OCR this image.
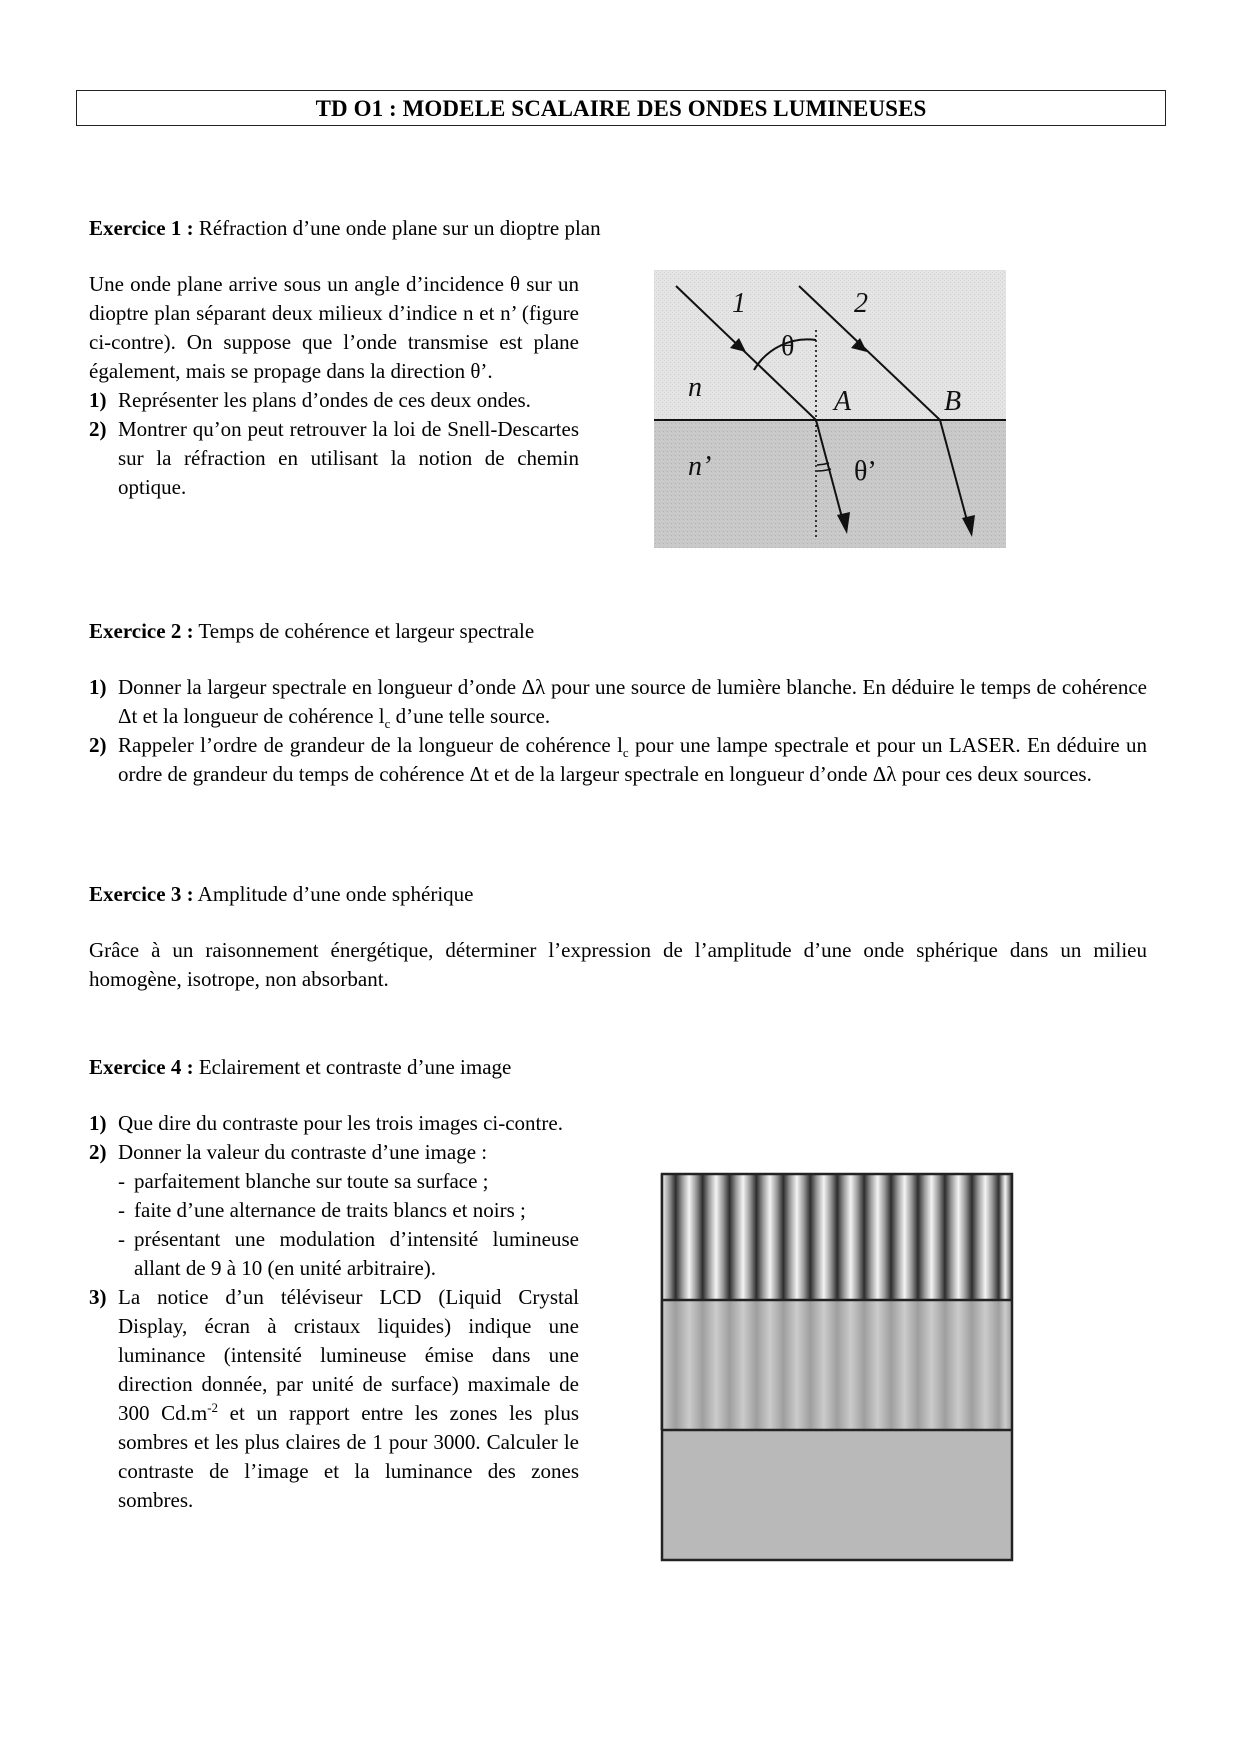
TD O1 : MODELE SCALAIRE DES ONDES LUMINEUSES
Exercice 1 : Réfraction d’une onde plane sur un dioptre plan
Une onde plane arrive sous un angle d’incidence θ sur un dioptre plan séparant deux milieux d’indice n et n’ (figure ci-contre). On suppose que l’onde transmise est plane également, mais se propage dans la direction θ’.
1) Représenter les plans d’ondes de ces deux ondes.
2) Montrer qu’on peut retrouver la loi de Snell-Descartes sur la réfraction en utilisant la notion de chemin optique.
1	2
θ
n	A	B
n’	θ’
Exercice 2 : Temps de cohérence et largeur spectrale
1) Donner la largeur spectrale en longueur d’onde Δλ pour une source de lumière blanche. En déduire le temps de cohérence Δt et la longueur de cohérence $l_c$ d’une telle source.
2) Rappeler l’ordre de grandeur de la longueur de cohérence $l_c$ pour une lampe spectrale et pour un LASER. En déduire un ordre de grandeur du temps de cohérence Δt et de la largeur spectrale en longueur d’onde Δλ pour ces deux sources.
Exercice 3 : Amplitude d’une onde sphérique
Grâce à un raisonnement énergétique, déterminer l’expression de l’amplitude d’une onde sphérique dans un milieu homogène, isotrope, non absorbant.
Exercice 4 : Eclairement et contraste d’une image
1) Que dire du contraste pour les trois images ci-contre.
2) Donner la valeur du contraste d’une image :
- parfaitement blanche sur toute sa surface ;
- faite d’une alternance de traits blancs et noirs ;
- présentant une modulation d’intensité lumineuse allant de 9 à 10 (en unité arbitraire).
3) La notice d’un téléviseur LCD (Liquid Crystal Display, écran à cristaux liquides) indique une luminance (intensité lumineuse émise dans une direction donnée, par unité de surface) maximale de 300 $Cd.m^{-2}$ et un rapport entre les zones les plus sombres et les plus claires de 1 pour 3000. Calculer le contraste de l’image et la luminance des zones sombres.
